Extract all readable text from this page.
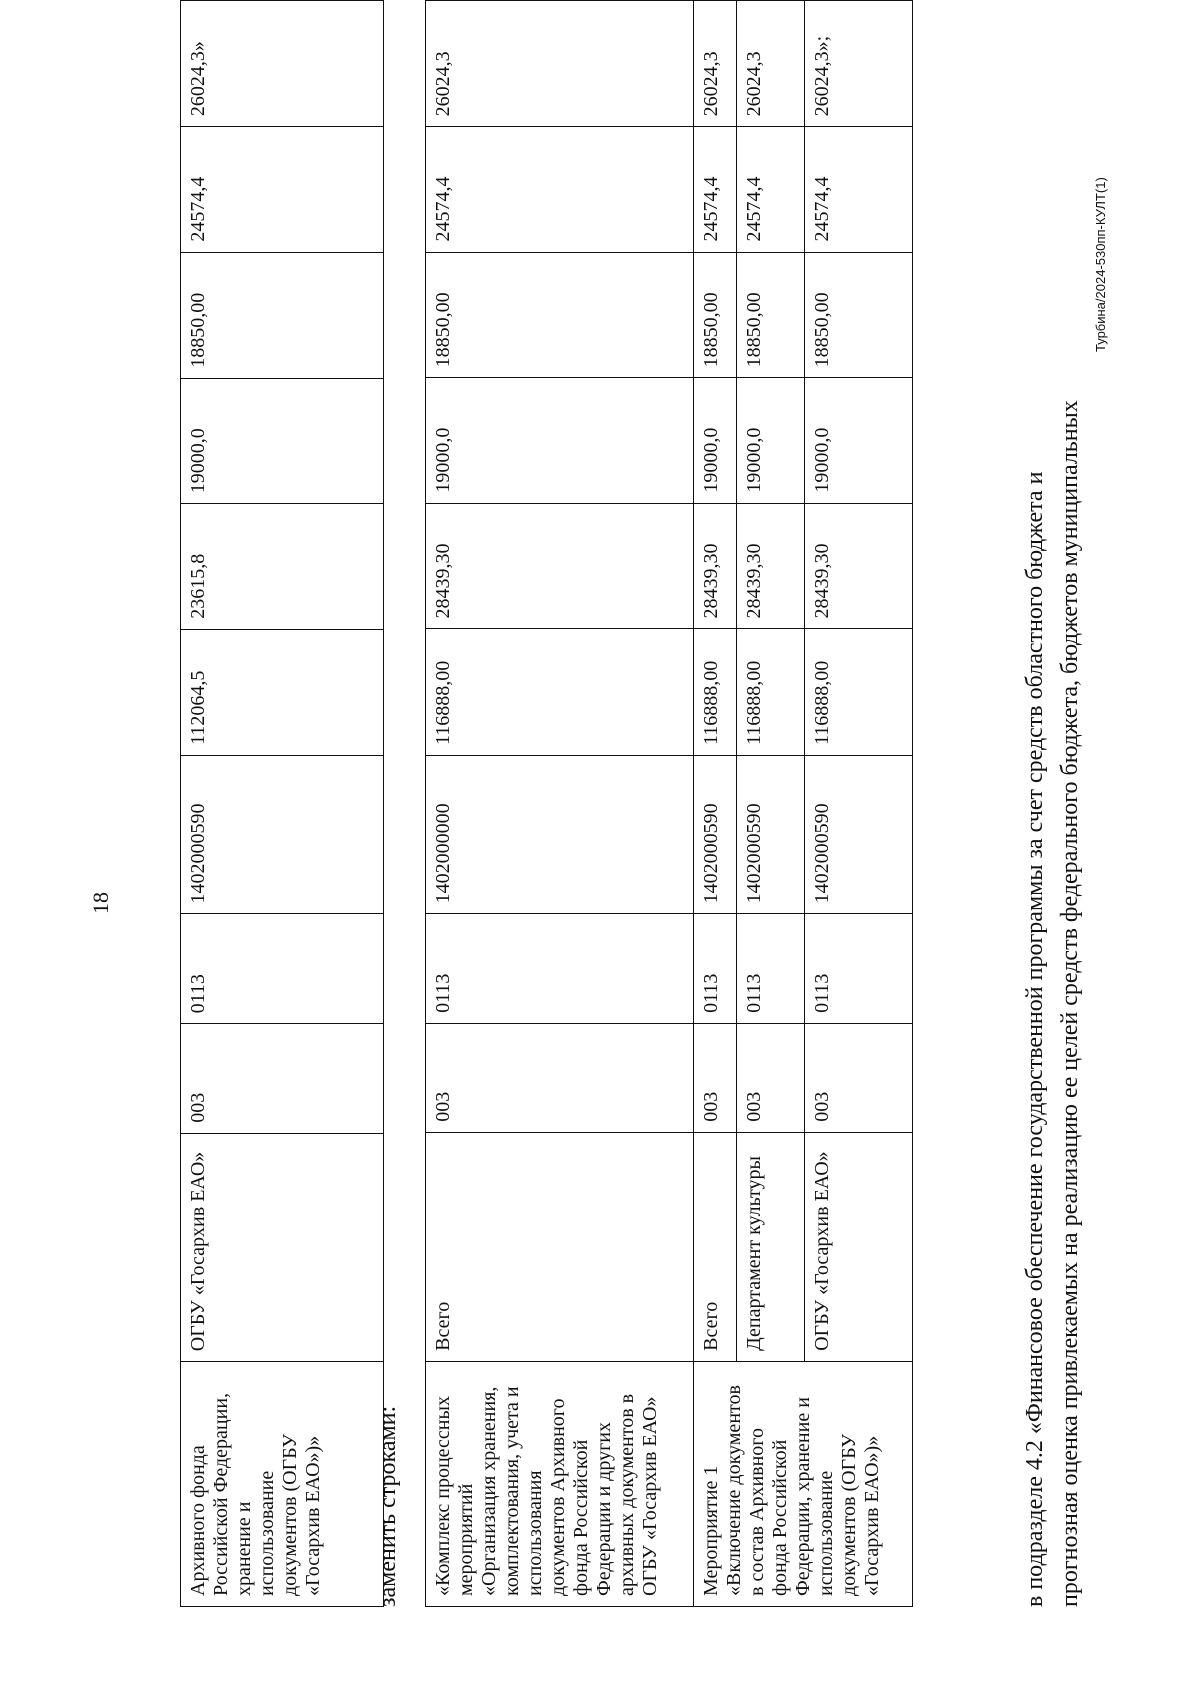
18
Архивного фонда Российской Федерации, хранение и использование документов (ОГБУ «Госархив ЕАО»)»	ОГБУ «Госархив ЕАО»	003	0113	1402000590	112064,5	23615,8	19000,0	18850,00	24574,4	26024,3»
заменить строками: «Комплекс процессных мероприятий «Организация хранения, комплектования, учета и использования документов Архивного фонда Российской Федерации и других архивных документов в ОГБУ «Госархив ЕАО»	Всего	003	0113	1402000000	116888,00	28439,30	19000,0	18850,00	24574,4	26024,3
Мероприятие 1 «Включение документов в состав Архивного фонда Российской Федерации, хранение и использование документов (ОГБУ «Госархив ЕАО»)»	Всего	003	0113	1402000590	116888,00	28439,30	19000,0	18850,00	24574,4	26024,3
	Департамент культуры	003	0113	1402000590	116888,00	28439,30	19000,0	18850,00	24574,4	26024,3
	ОГБУ «Госархив ЕАО»	003	0113	1402000590	116888,00	28439,30	19000,0	18850,00	24574,4	26024,3»;
в подразделе 4.2 «Финансовое обеспечение государственной программы за счет средств областного бюджета и прогнозная оценка привлекаемых на реализацию ее целей средств федерального бюджета, бюджетов муниципальных
Турбина/2024-530пп-КУЛТ(1)
